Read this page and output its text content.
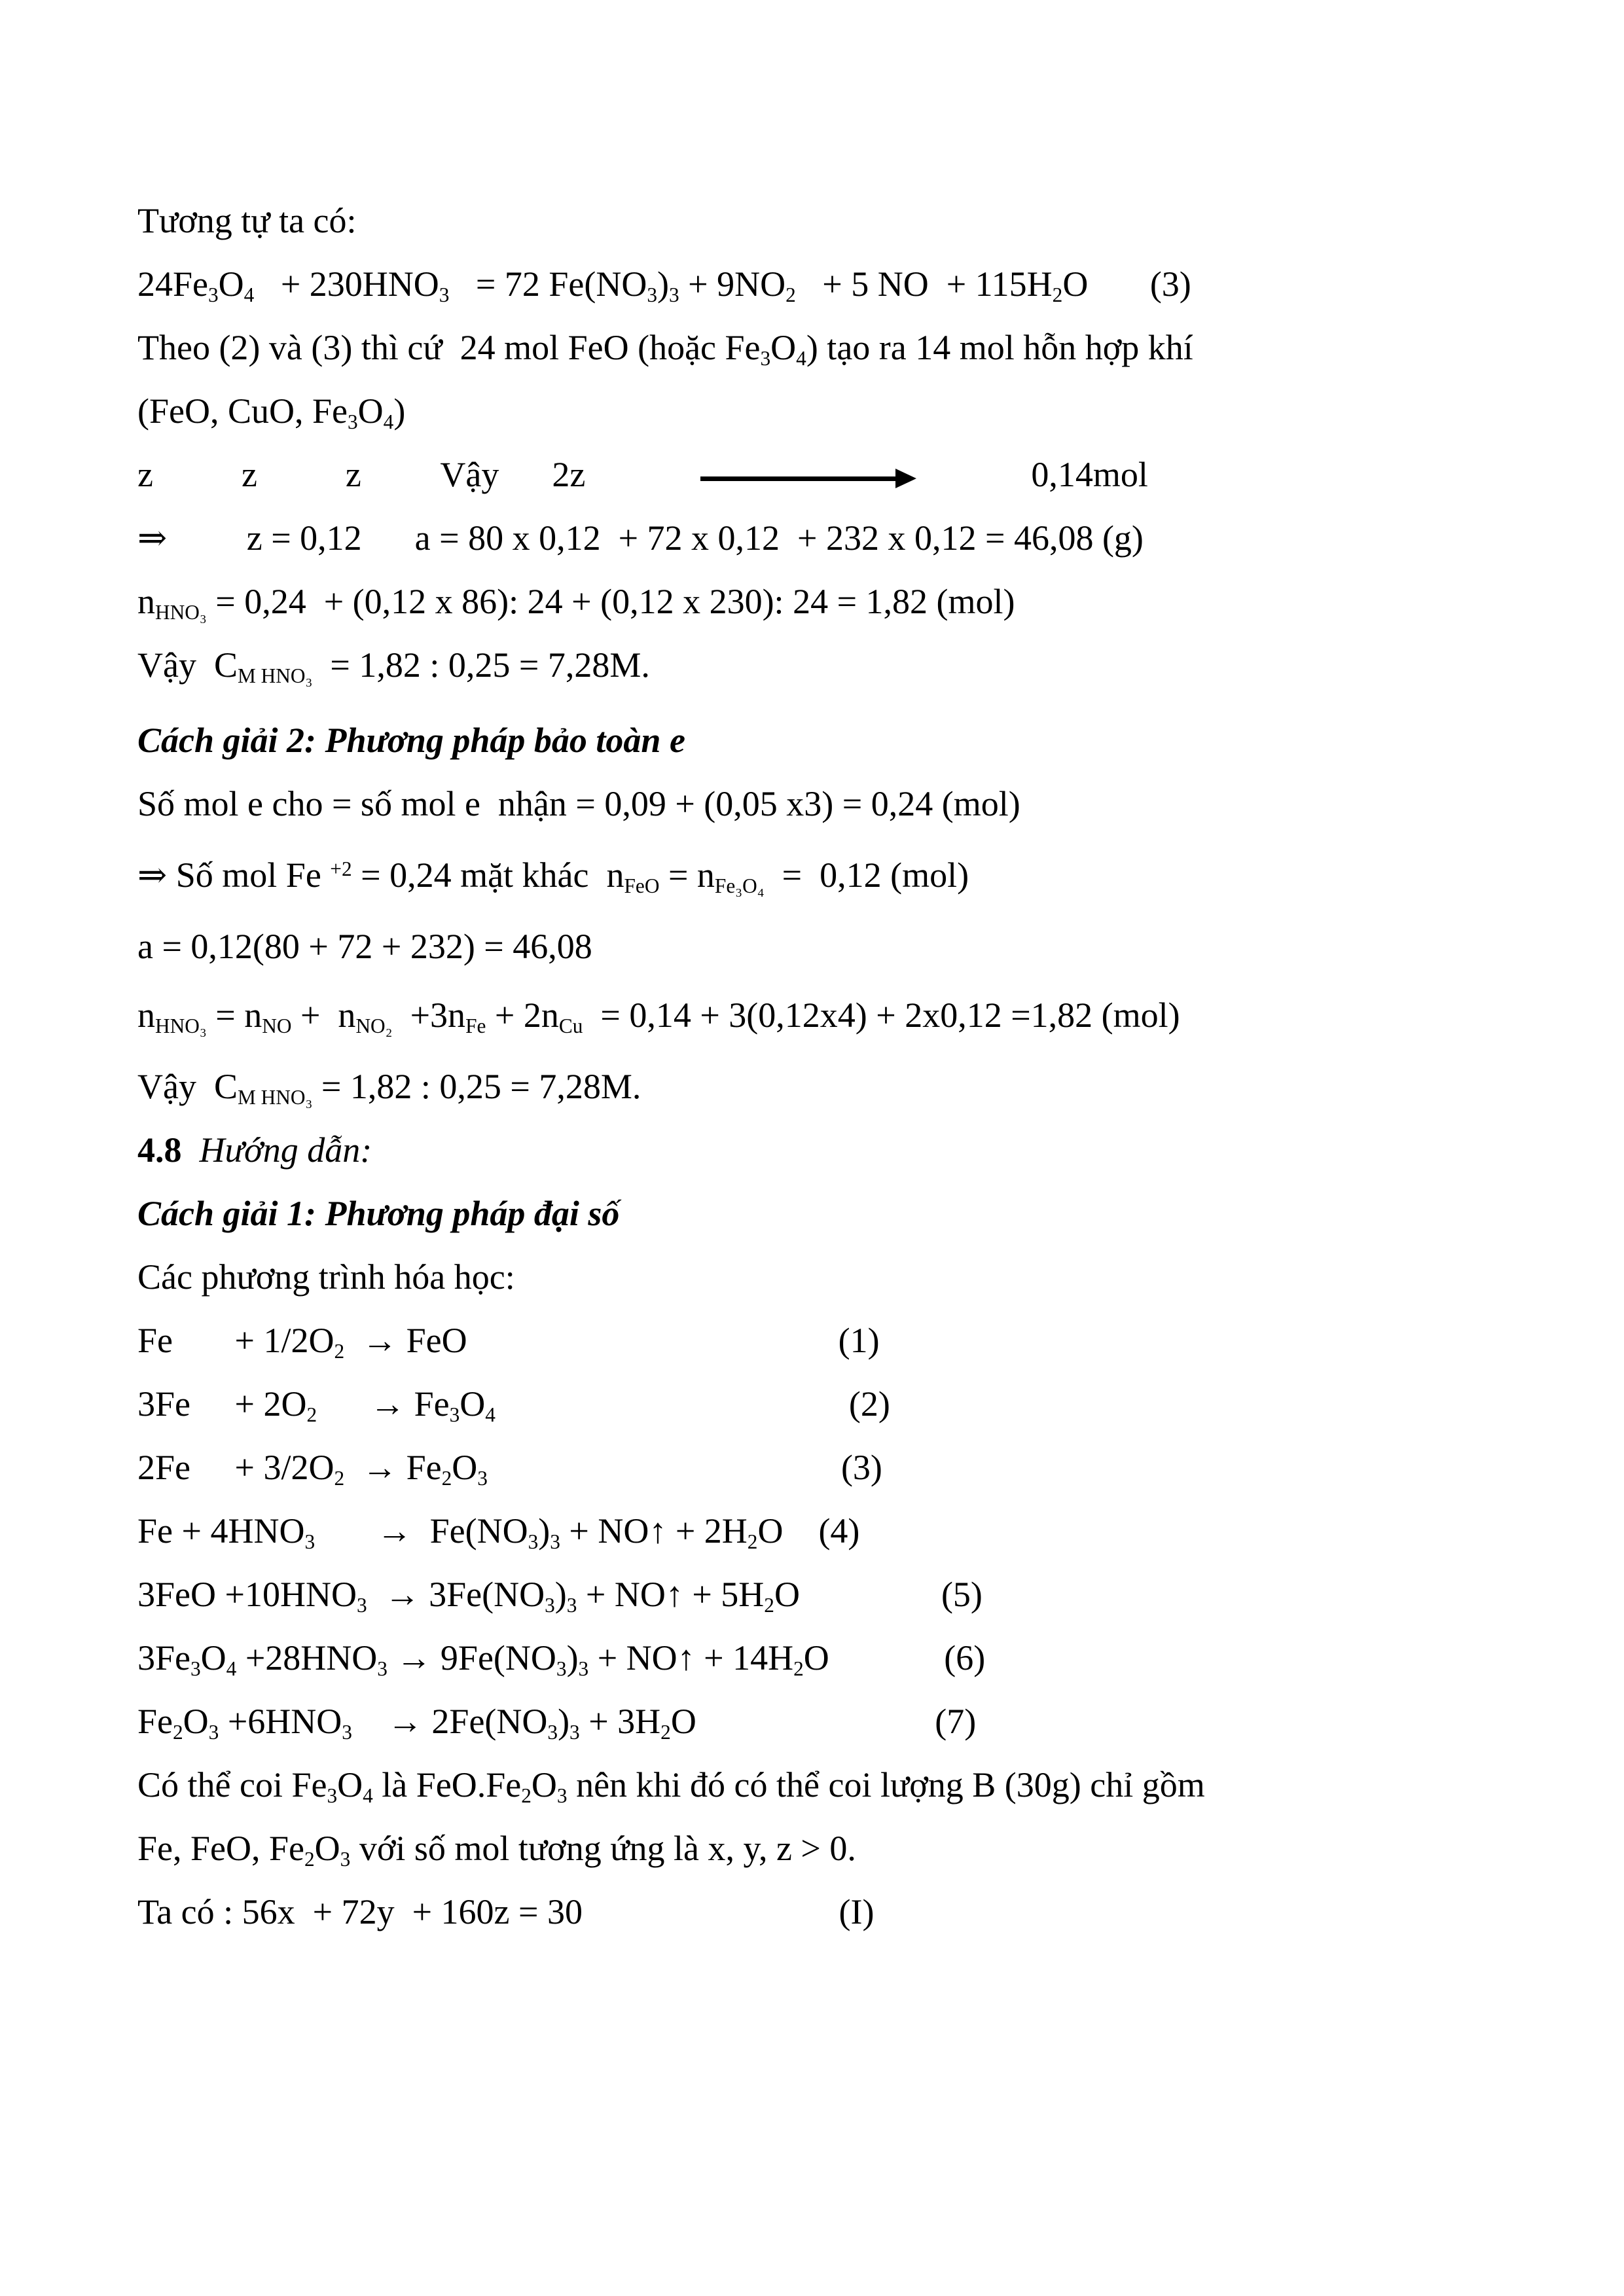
Tương tự ta có:
$24Fe_3O_4 + 230HNO_3 = 72$ $Fe(NO_3)_3 + 9NO_2 + 5$ NO  + $115H_2O$       (3)
Theo (2) và (3) thì cứ  24 mol FeO (hoặc $Fe_3O_4$) tạo ra 14 mol hỗn hợp khí
(FeO, CuO, $Fe_3O_4$)
z          z          z         Vậy      2z	0,14mol
⇒         z = 0,12      a = 80 x 0,12  + 72 x 0,12  + 232 x 0,12 = 46,08 (g)
$n_{HNO_3} = 0,24 + (0,12$ x 86): 24 + (0,12 x 230): 24 = 1,82 (mol)
Vậy  $C_{M HNO_3} = 1,82$ : 0,25 = 7,28M.
Cách giải 2: Phương pháp bảo toàn e
Số mol e cho = số mol e  nhận = 0,09 + (0,05 x3) = 0,24 (mol)
⇒ Số mol Fe $^{+2}$ = 0,24 mặt khác  $n_{FeO} = n_{Fe_3O_4} = 0,12$ (mol)
a = 0,12(80 + 72 + 232) = 46,08
$n_{HNO_3} = n_{NO} + n_{NO_2} +3n_{Fe} + 2n_{Cu} = 0,14 + 3(0,12x4) + 2x0,12 =1,82$ (mol)
Vậy  $C_{M HNO_3} = 1,82$ : 0,25 = 7,28M.
4.8 Hướng dẫn:
Cách giải 1: Phương pháp đại số
Các phương trình hóa học:
Fe       + $1/2O_2$  → FeO                                          (1)
3Fe     + $2O_2$      → $Fe_3O_4$                                        (2)
2Fe     + $3/2O_2 \to Fe_2O_3$                                        (3)
$Fe + 4HNO_3$       →  $Fe(NO_3)_3$ + NO↑ + $2H_2O$    (4)
$3FeO +10HNO_3 \to 3Fe(NO_3)_3$ + NO↑ + $5H_2O$                (5)
$3Fe_3O_4 +28HNO_3 \to 9Fe(NO_3)_3$ + NO↑ + $14H_2O$             (6)
$Fe_2O_3 +6HNO_3$    → $2Fe(NO_3)_3 + 3H_2O$                           (7)
Có thể coi $Fe_3O_4$ là $FeO.Fe_2O_3$ nên khi đó có thể coi lượng B (30g) chỉ gồm
Fe, FeO, $Fe_2O_3$ với số mol tương ứng là x, y, z > 0.
Ta có : 56x  + 72y  + 160z = 30                             (I)
